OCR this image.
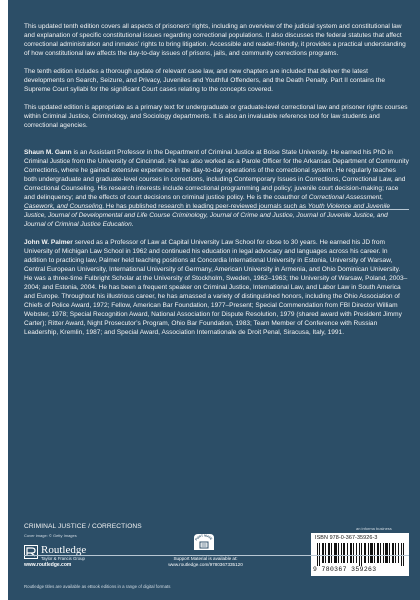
This updated tenth edition covers all aspects of prisoners’ rights, including an overview of the judicial system and constitutional law and explanation of specific constitutional issues regarding correctional populations. It also discusses the federal statutes that affect correctional administration and inmates’ rights to bring litigation. Accessible and reader-friendly, it provides a practical understanding of how constitutional law affects the day-to-day issues of prisons, jails, and community corrections programs.

The tenth edition includes a thorough update of relevant case law, and new chapters are included that deliver the latest developments on Search, Seizure, and Privacy, Juveniles and Youthful Offenders, and the Death Penalty. Part II contains the Supreme Court syllabi for the significant Court cases relating to the concepts covered.

This updated edition is appropriate as a primary text for undergraduate or graduate-level correctional law and prisoner rights courses within Criminal Justice, Criminology, and Sociology departments. It is also an invaluable reference tool for law students and correctional agencies.

Shaun M. Gann is an Assistant Professor in the Department of Criminal Justice at Boise State University. He earned his PhD in Criminal Justice from the University of Cincinnati. He has also worked as a Parole Officer for the Arkansas Department of Community Corrections, where he gained extensive experience in the day-to-day operations of the correctional system. He regularly teaches both undergraduate and graduate-level courses in corrections, including Contemporary Issues in Corrections, Correctional Law, and Correctional Counseling. His research interests include correctional programming and policy; juvenile court decision-making; race and delinquency; and the effects of court decisions on criminal justice policy. He is the coauthor of Correctional Assessment, Casework, and Counseling. He has published research in leading peer-reviewed journals such as Youth Violence and Juvenile Justice, Journal of Developmental and Life Course Criminology, Journal of Crime and Justice, Journal of Juvenile Justice, and Journal of Criminal Justice Education.

John W. Palmer served as a Professor of Law at Capital University Law School for close to 30 years. He earned his JD from University of Michigan Law School in 1962 and continued his education in legal advocacy and languages across his career. In addition to practicing law, Palmer held teaching positions at Concordia International University in Estonia, University of Warsaw, Central European University, International University of Germany, American University in Armenia, and Ohio Dominican University. He was a three-time Fulbright Scholar at the University of Stockholm, Sweden, 1962–1963; the University of Warsaw, Poland, 2003–2004; and Estonia, 2004. He has been a frequent speaker on Criminal Justice, International Law, and Labor Law in South America and Europe. Throughout his illustrious career, he has amassed a variety of distinguished honors, including the Ohio Association of Chiefs of Police Award, 1972; Fellow, American Bar Foundation, 1977–Present; Special Commendation from FBI Director William Webster, 1978; Special Recognition Award, National Association for Dispute Resolution, 1979 (shared award with President Jimmy Carter); Ritter Award, Night Prosecutor’s Program, Ohio Bar Foundation, 1983; Team Member of Conference with Russian Leadership, Kremlin, 1987; and Special Award, Association Internationale de Droit Penal, Siracusa, Italy, 1991.

CRIMINAL JUSTICE / CORRECTIONS
Cover image: © Getty Images
Routledge
Taylor & Francis Group
www.routledge.com
PORT MATE
Support Material is available at:
www.routledge.com/9780367335120
an informa business
ISBN 978-0-367-35926-3
9 780367 359263
Routledge titles are available as eBook editions in a range of digital formats
